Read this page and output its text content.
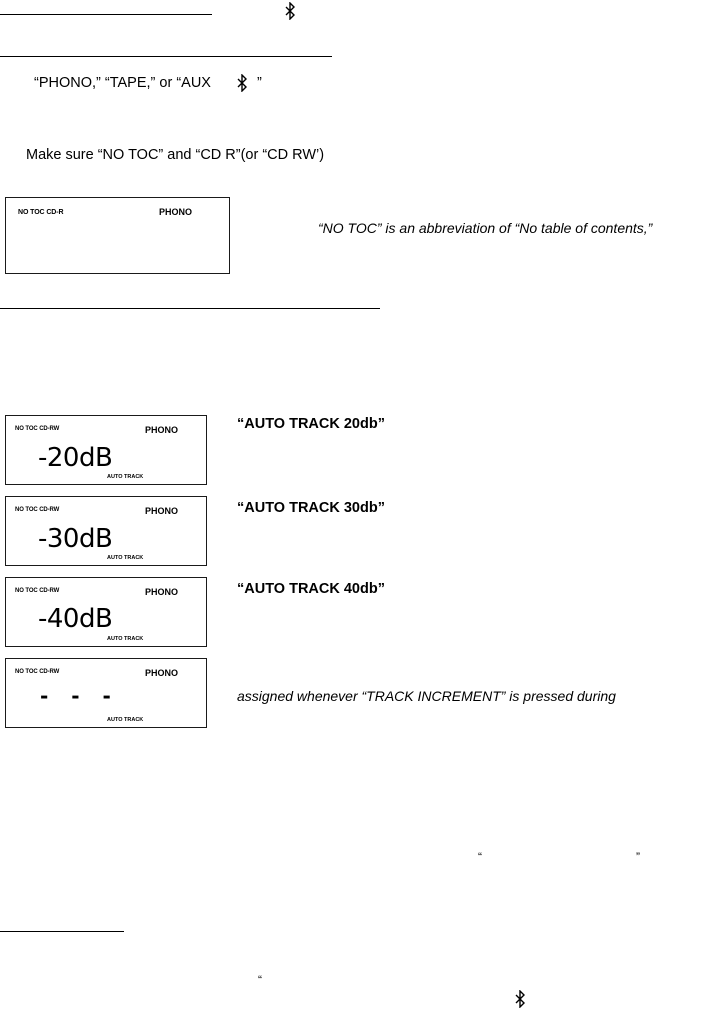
“PHONO,” “TAPE,” or “AUX	”
Make sure “NO TOC” and “CD R”(or “CD RW’)
NO TOC CD-R	PHONO
“NO TOC” is an abbreviation of “No table of contents,”
NO TOC CD-RW	PHONO
-20dB
AUTO TRACK
“AUTO TRACK 20db”
NO TOC CD-RW	PHONO
-30dB
AUTO TRACK
“AUTO TRACK 30db”
NO TOC CD-RW	PHONO
-40dB
AUTO TRACK
“AUTO TRACK 40db”
NO TOC CD-RW	PHONO
- - -
AUTO TRACK
assigned whenever “TRACK INCREMENT” is pressed during
“	”
“
